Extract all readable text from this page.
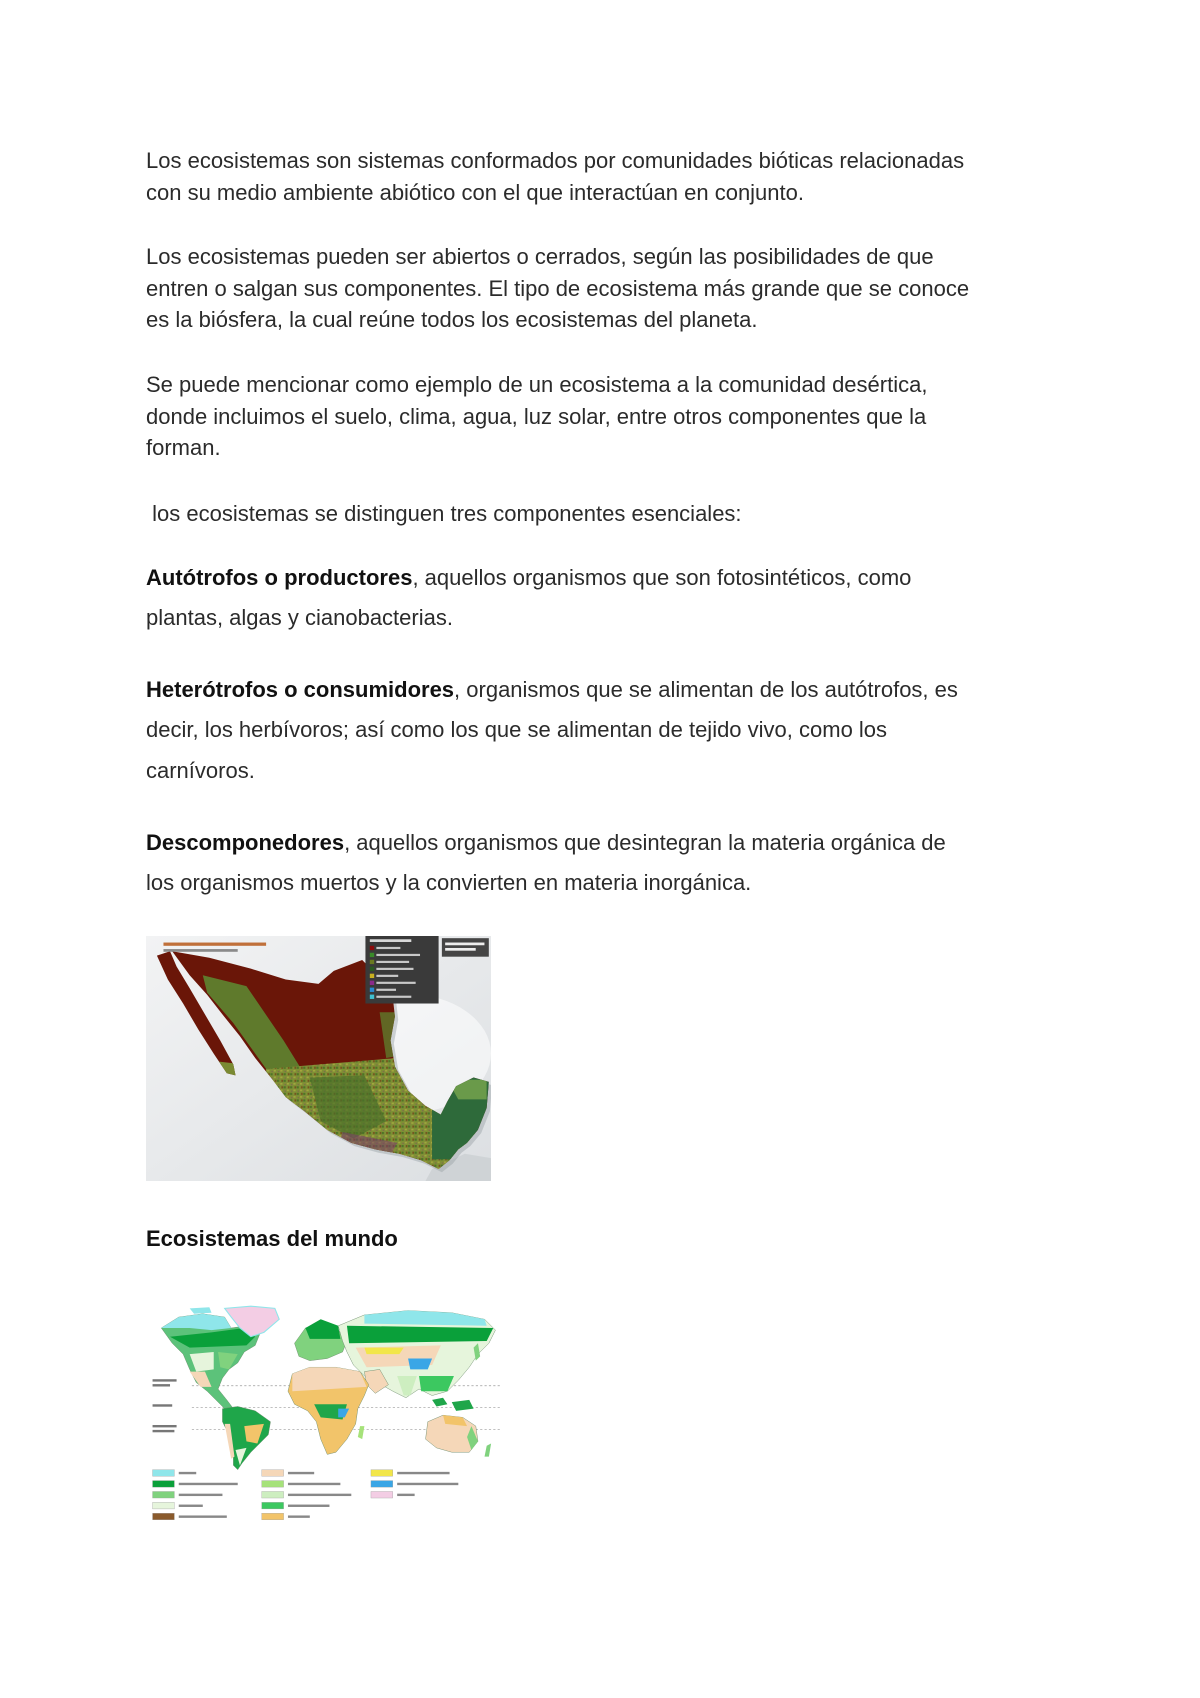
Los ecosistemas son sistemas conformados por comunidades bióticas relacionadas
con su medio ambiente abiótico con el que interactúan en conjunto.
Los ecosistemas pueden ser abiertos o cerrados, según las posibilidades de que
entren o salgan sus componentes. El tipo de ecosistema más grande que se conoce
es la biósfera, la cual reúne todos los ecosistemas del planeta.
Se puede mencionar como ejemplo de un ecosistema a la comunidad desértica,
donde incluimos el suelo, clima, agua, luz solar, entre otros componentes que la
forman.
los ecosistemas se distinguen tres componentes esenciales:
Autótrofos o productores, aquellos organismos que son fotosintéticos, como
plantas, algas y cianobacterias.
Heterótrofos o consumidores, organismos que se alimentan de los autótrofos, es
decir, los herbívoros; así como los que se alimentan de tejido vivo, como los
carnívoros.
Descomponedores, aquellos organismos que desintegran la materia orgánica de
los organismos muertos y la convierten en materia inorgánica.
Ecosistemas del mundo
